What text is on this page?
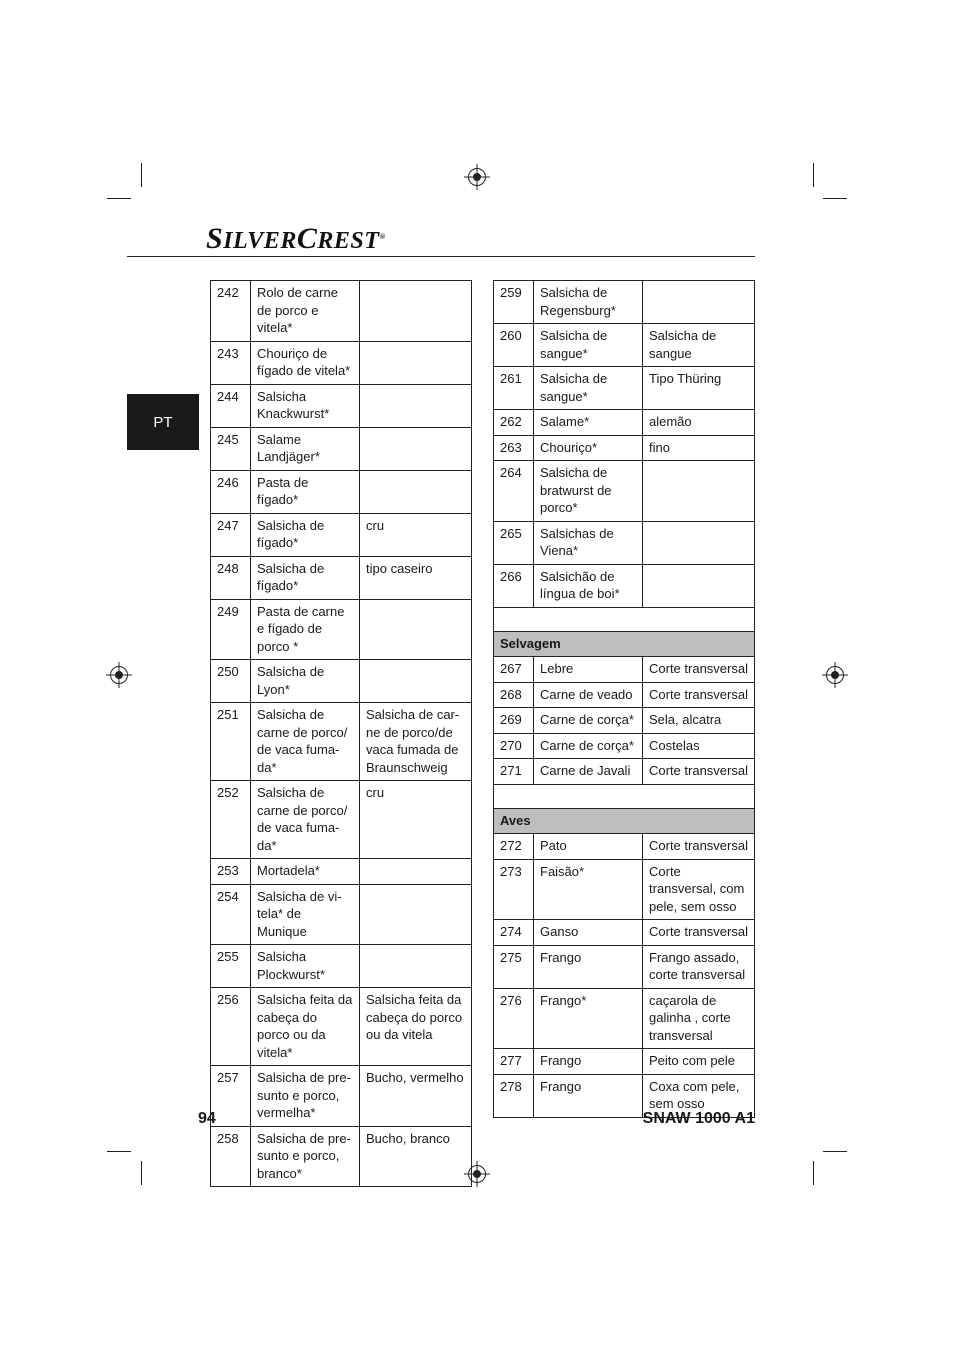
SILVERCREST®
PT
242	Rolo de carne de porco e vitela*	
243	Chouriço de fígado de vitela*	
244	Salsicha Knackwurst*	
245	Salame Landjäger*	
246	Pasta de fígado*	
247	Salsicha de fígado*	cru
248	Salsicha de fígado*	tipo caseiro
249	Pasta de carne e fígado de porco *	
250	Salsicha de Lyon*	
251	Salsicha de carne de porco/ de vaca fuma-da*	Salsicha de car-ne de porco/de vaca fumada de Braunschweig
252	Salsicha de carne de porco/ de vaca fuma-da*	cru
253	Mortadela*	
254	Salsicha de vi-tela* de Munique	
255	Salsicha Plockwurst*	
256	Salsicha feita da cabeça do porco ou da vitela*	Salsicha feita da cabeça do porco ou da vitela
257	Salsicha de pre-sunto e porco, vermelha*	Bucho, vermelho
258	Salsicha de pre-sunto e porco, branco*	Bucho, branco
259	Salsicha de Regensburg*	
260	Salsicha de sangue*	Salsicha de sangue
261	Salsicha de sangue*	Tipo Thüring
262	Salame*	alemão
263	Chouriço*	fino
264	Salsicha de bratwurst de porco*	
265	Salsichas de Viena*	
266	Salsichão de língua de boi*	

Selvagem		
267	Lebre	Corte transversal
268	Carne de veado	Corte transversal
269	Carne de corça*	Sela, alcatra
270	Carne de corça*	Costelas
271	Carne de Javali	Corte transversal

Aves		
272	Pato	Corte transversal
273	Faisão*	Corte transversal, com pele, sem osso
274	Ganso	Corte transversal
275	Frango	Frango assado, corte transversal
276	Frango*	caçarola de galinha , corte transversal
277	Frango	Peito com pele
278	Frango	Coxa com pele, sem osso
94	SNAW 1000 A1
